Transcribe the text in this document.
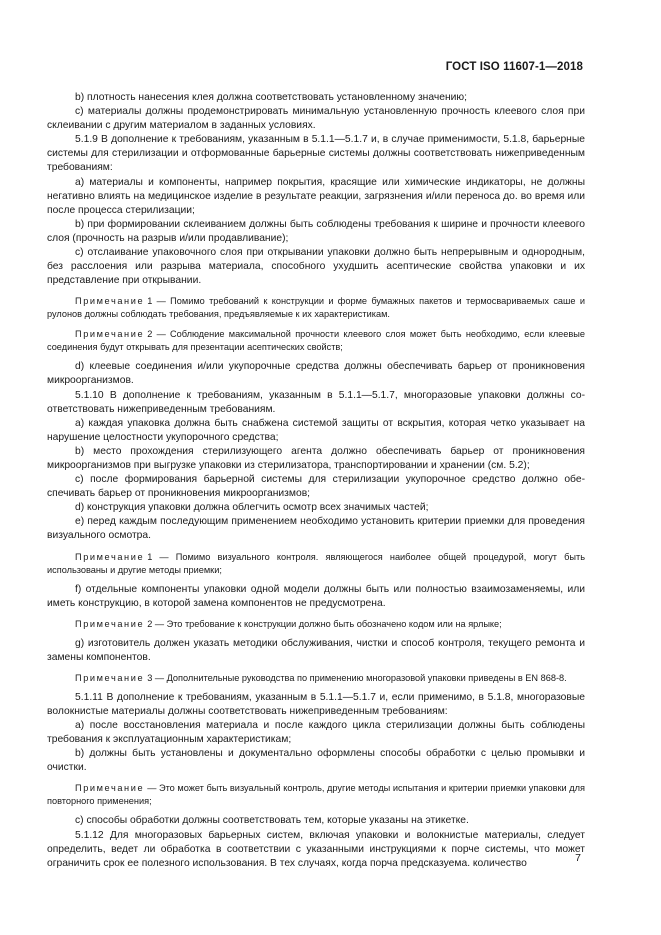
ГОСТ ISO 11607-1—2018

b) плотность нанесения клея должна соответствовать установленному значению;

с) материалы должны продемонстрировать минимальную установленную прочность клеевого слоя при склеивании с другим материалом в заданных условиях.

5.1.9 В дополнение к требованиям, указанным в 5.1.1—5.1.7 и, в случае применимости, 5.1.8, барьерные системы для стерилизации и отформованные барьерные системы должны соответствовать нижеприведенным требованиям:

а) материалы и компоненты, например покрытия, красящие или химические индикаторы, не должны негативно влиять на медицинское изделие в результате реакции, загрязнения и/или переноса до. во время или после процесса стерилизации;

b) при формировании склеиванием должны быть соблюдены требования к ширине и прочности клеевого слоя (прочность на разрыв и/или продавливание);

с) отслаивание упаковочного слоя при открывании упаковки должно быть непрерывным и однородным, без расслоения или разрыва материала, способного ухудшить асептические свойства упаковки и их представление при открывании.

Примечание 1 — Помимо требований к конструкции и форме бумажных пакетов и термосвариваемых саше и рулонов должны соблюдать требования, предъявляемые к их характеристикам.

Примечание 2 — Соблюдение максимальной прочности клеевого слоя может быть необходимо, если клеевые соединения будут открывать для презентации асептических свойств;

d) клеевые соединения и/или укупорочные средства должны обеспечивать барьер от проникновения микроорганизмов.

5.1.10 В дополнение к требованиям, указанным в 5.1.1—5.1.7, многоразовые упаковки должны соответствовать нижеприведенным требованиям.

а) каждая упаковка должна быть снабжена системой защиты от вскрытия, которая четко указывает на нарушение целостности укупорочного средства;

b) место прохождения стерилизующего агента должно обеспечивать барьер от проникновения микроорганизмов при выгрузке упаковки из стерилизатора, транспортировании и хранении (см. 5.2);

с) после формирования барьерной системы для стерилизации укупорочное средство должно обеспечивать барьер от проникновения микроорганизмов;

d) конструкция упаковки должна облегчить осмотр всех значимых частей;

е) перед каждым последующим применением необходимо установить критерии приемки для проведения визуального осмотра.

Примечание 1 — Помимо визуального контроля. являющегося наиболее общей процедурой, могут быть использованы и другие методы приемки;

f) отдельные компоненты упаковки одной модели должны быть или полностью взаимозаменяемы, или иметь конструкцию, в которой замена компонентов не предусмотрена.

Примечание 2 — Это требование к конструкции должно быть обозначено кодом или на ярлыке;

g) изготовитель должен указать методики обслуживания, чистки и способ контроля, текущего ремонта и замены компонентов.

Примечание 3 — Дополнительные руководства по применению многоразовой упаковки приведены в EN 868-8.

5.1.11 В дополнение к требованиям, указанным в 5.1.1—5.1.7 и, если применимо, в 5.1.8, многоразовые волокнистые материалы должны соответствовать нижеприведенным требованиям:

а) после восстановления материала и после каждого цикла стерилизации должны быть соблюдены требования к эксплуатационным характеристикам;

b) должны быть установлены и документально оформлены способы обработки с целью промывки и очистки.

Примечание — Это может быть визуальный контроль, другие методы испытания и критерии приемки упаковки для повторного применения;

с) способы обработки должны соответствовать тем, которые указаны на этикетке.

5.1.12 Для многоразовых барьерных систем, включая упаковки и волокнистые материалы, следует определить, ведет ли обработка в соответствии с указанными инструкциями к порче системы, что может ограничить срок ее полезного использования. В тех случаях, когда порча предсказуема. количество	7
